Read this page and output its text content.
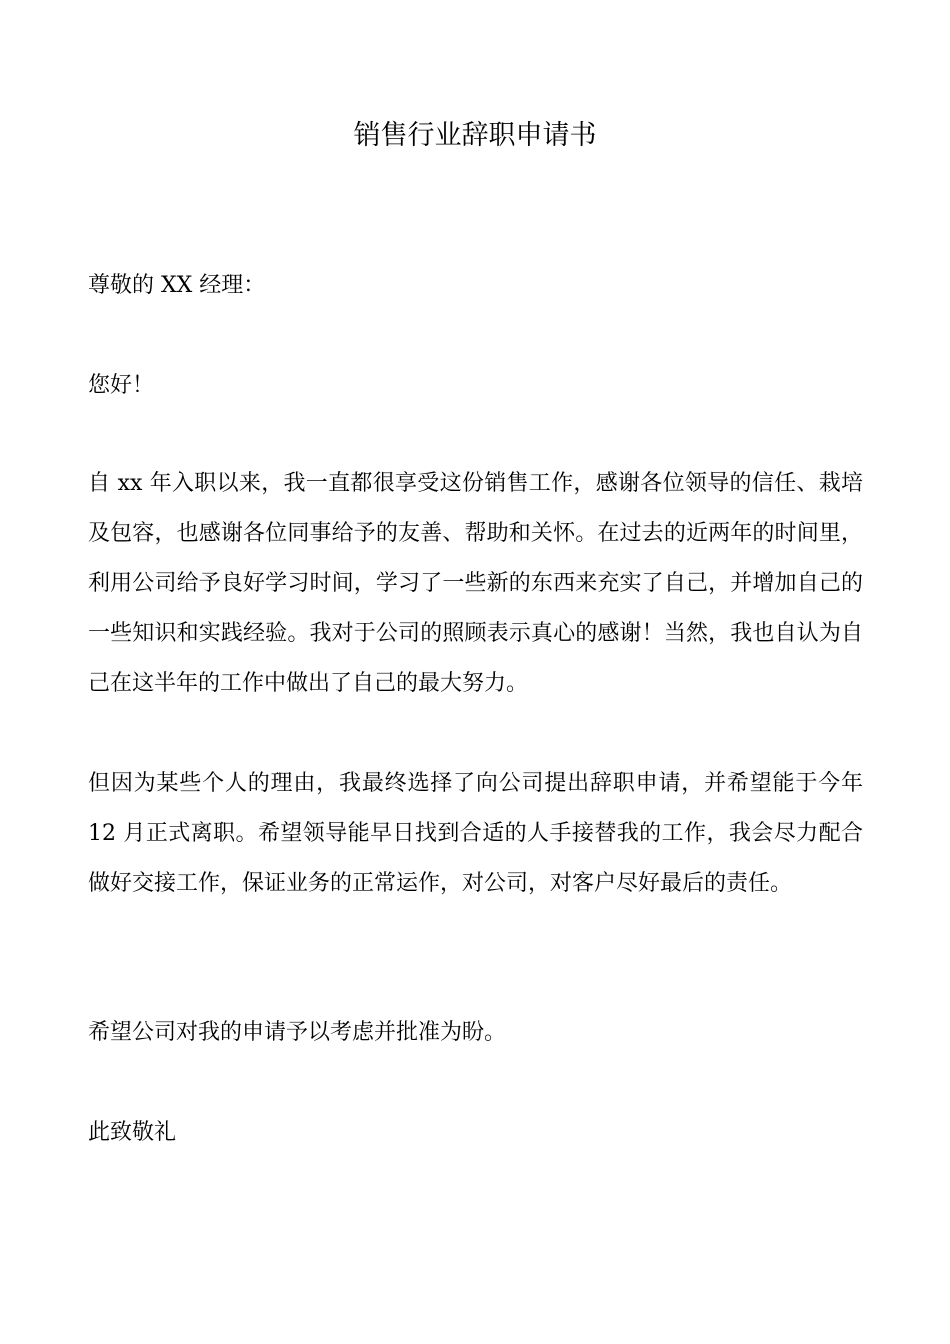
销售行业辞职申请书

尊敬的 XX 经理：

您好！

自 xx 年入职以来，我一直都很享受这份销售工作，感谢各位领导的信任、栽培及包容，也感谢各位同事给予的友善、帮助和关怀。在过去的近两年的时间里，利用公司给予良好学习时间，学习了一些新的东西来充实了自己，并增加自己的一些知识和实践经验。我对于公司的照顾表示真心的感谢！当然，我也自认为自己在这半年的工作中做出了自己的最大努力。

但因为某些个人的理由，我最终选择了向公司提出辞职申请，并希望能于今年 12 月正式离职。希望领导能早日找到合适的人手接替我的工作，我会尽力配合做好交接工作，保证业务的正常运作，对公司，对客户尽好最后的责任。

希望公司对我的申请予以考虑并批准为盼。

此致敬礼
